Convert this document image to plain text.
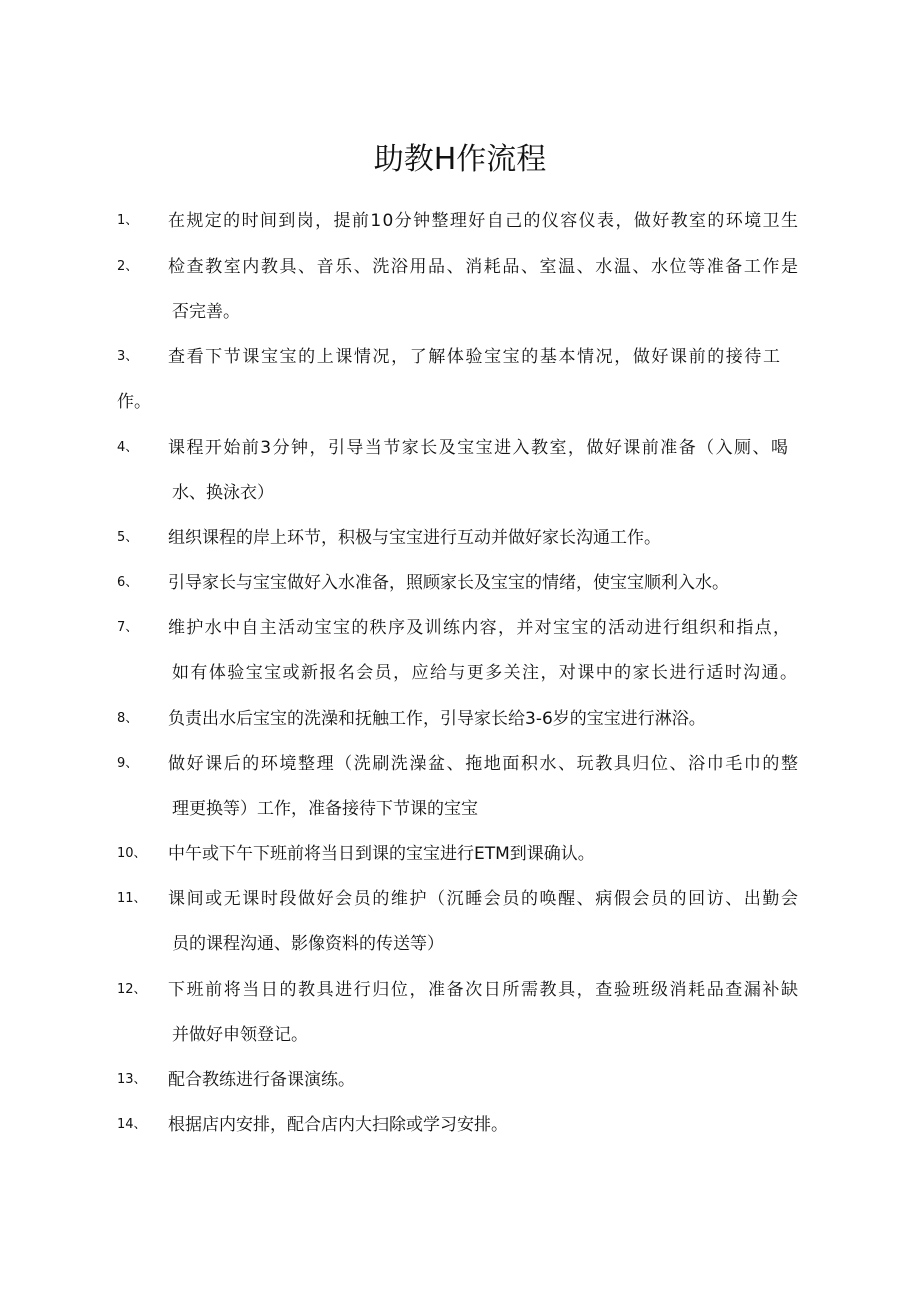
助教H作流程
1、 在规定的时间到岗，提前10分钟整理好自己的仪容仪表，做好教室的环境卫生
2、 检查教室内教具、音乐、洗浴用品、消耗品、室温、水温、水位等准备工作是
否完善。
3、 查看下节课宝宝的上课情况，了解体验宝宝的基本情况，做好课前的接待工
作。
4、 课程开始前3分钟，引导当节家长及宝宝进入教室，做好课前准备（入厕、喝
水、换泳衣）
5、 组织课程的岸上环节，积极与宝宝进行互动并做好家长沟通工作。
6、 引导家长与宝宝做好入水准备，照顾家长及宝宝的情绪，使宝宝顺利入水。
7、 维护水中自主活动宝宝的秩序及训练内容，并对宝宝的活动进行组织和指点，
如有体验宝宝或新报名会员，应给与更多关注，对课中的家长进行适时沟通。
8、 负责出水后宝宝的洗澡和抚触工作，引导家长给3-6岁的宝宝进行淋浴。
9、 做好课后的环境整理（洗刷洗澡盆、拖地面积水、玩教具归位、浴巾毛巾的整
理更换等）工作，准备接待下节课的宝宝
10、 中午或下午下班前将当日到课的宝宝进行ETM到课确认。
11、 课间或无课时段做好会员的维护（沉睡会员的唤醒、病假会员的回访、出勤会
员的课程沟通、影像资料的传送等）
12、 下班前将当日的教具进行归位，准备次日所需教具，查验班级消耗品查漏补缺
并做好申领登记。
13、 配合教练进行备课演练。
14、 根据店内安排，配合店内大扫除或学习安排。
